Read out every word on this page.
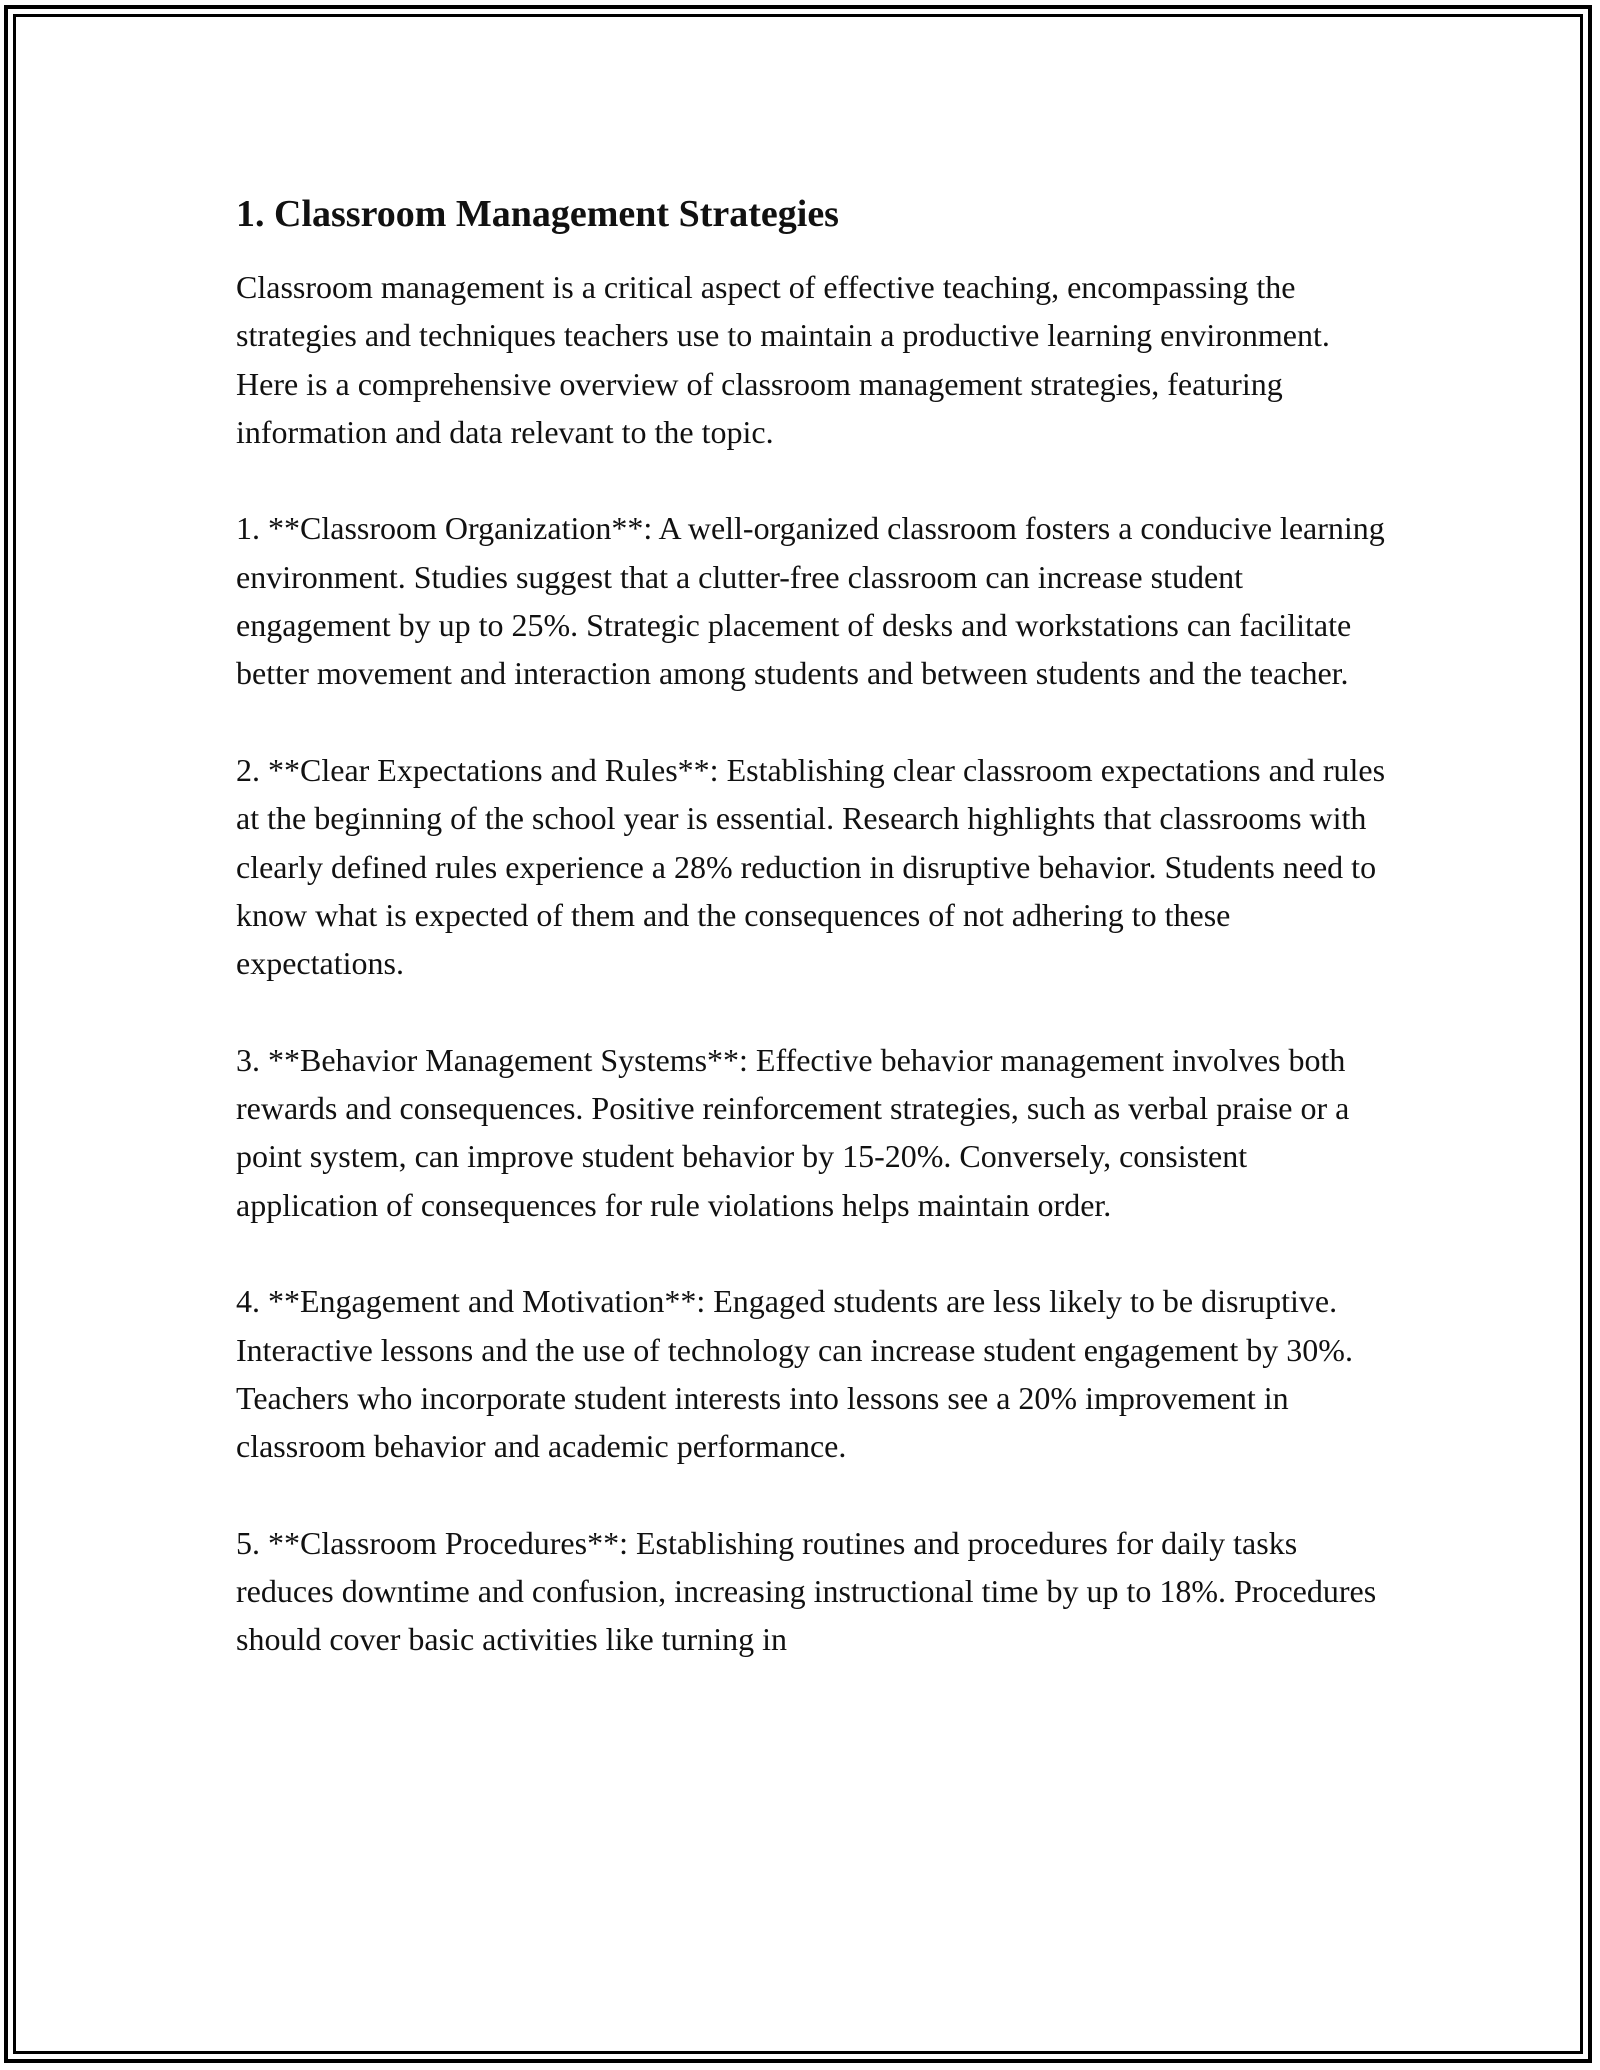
1. Classroom Management Strategies

Classroom management is a critical aspect of effective teaching, encompassing the strategies and techniques teachers use to maintain a productive learning environment. Here is a comprehensive overview of classroom management strategies, featuring information and data relevant to the topic.

1. **Classroom Organization**: A well-organized classroom fosters a conducive learning environment. Studies suggest that a clutter-free classroom can increase student engagement by up to 25%. Strategic placement of desks and workstations can facilitate better movement and interaction among students and between students and the teacher.

2. **Clear Expectations and Rules**: Establishing clear classroom expectations and rules at the beginning of the school year is essential. Research highlights that classrooms with clearly defined rules experience a 28% reduction in disruptive behavior. Students need to know what is expected of them and the consequences of not adhering to these expectations.

3. **Behavior Management Systems**: Effective behavior management involves both rewards and consequences. Positive reinforcement strategies, such as verbal praise or a point system, can improve student behavior by 15-20%. Conversely, consistent application of consequences for rule violations helps maintain order.

4. **Engagement and Motivation**: Engaged students are less likely to be disruptive. Interactive lessons and the use of technology can increase student engagement by 30%. Teachers who incorporate student interests into lessons see a 20% improvement in classroom behavior and academic performance.

5. **Classroom Procedures**: Establishing routines and procedures for daily tasks reduces downtime and confusion, increasing instructional time by up to 18%. Procedures should cover basic activities like turning in
